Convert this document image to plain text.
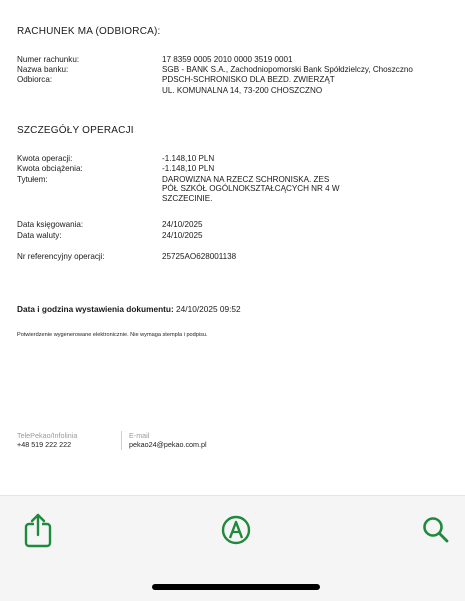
RACHUNEK MA (ODBIORCA):
Numer rachunku:	17 8359 0005 2010 0000 3519 0001
Nazwa banku:	SGB - BANK S.A., Zachodniopomorski Bank Spółdzielczy, Choszczno
Odbiorca:	PDSCH-SCHRONISKO DLA BEZD. ZWIERZĄT
UL. KOMUNALNA 14, 73-200 CHOSZCZNO
SZCZEGÓŁY OPERACJI
Kwota operacji:	-1.148,10 PLN
Kwota obciążenia:	-1.148,10 PLN
Tytułem:	DAROWIZNA NA RZECZ SCHRONISKA. ZES
PÓŁ SZKÓŁ OGÓLNOKSZTAŁCĄCYCH NR 4 W
SZCZECINIE.
Data księgowania:	24/10/2025
Data waluty:	24/10/2025
Nr referencyjny operacji:	25725AO628001138
Data i godzina wystawienia dokumentu: 24/10/2025 09:52
Potwierdzenie wygenerowane elektronicznie. Nie wymaga stempla i podpisu.
TelePekao/Infolinia
+48 519 222 222
E-mail
pekao24@pekao.com.pl
